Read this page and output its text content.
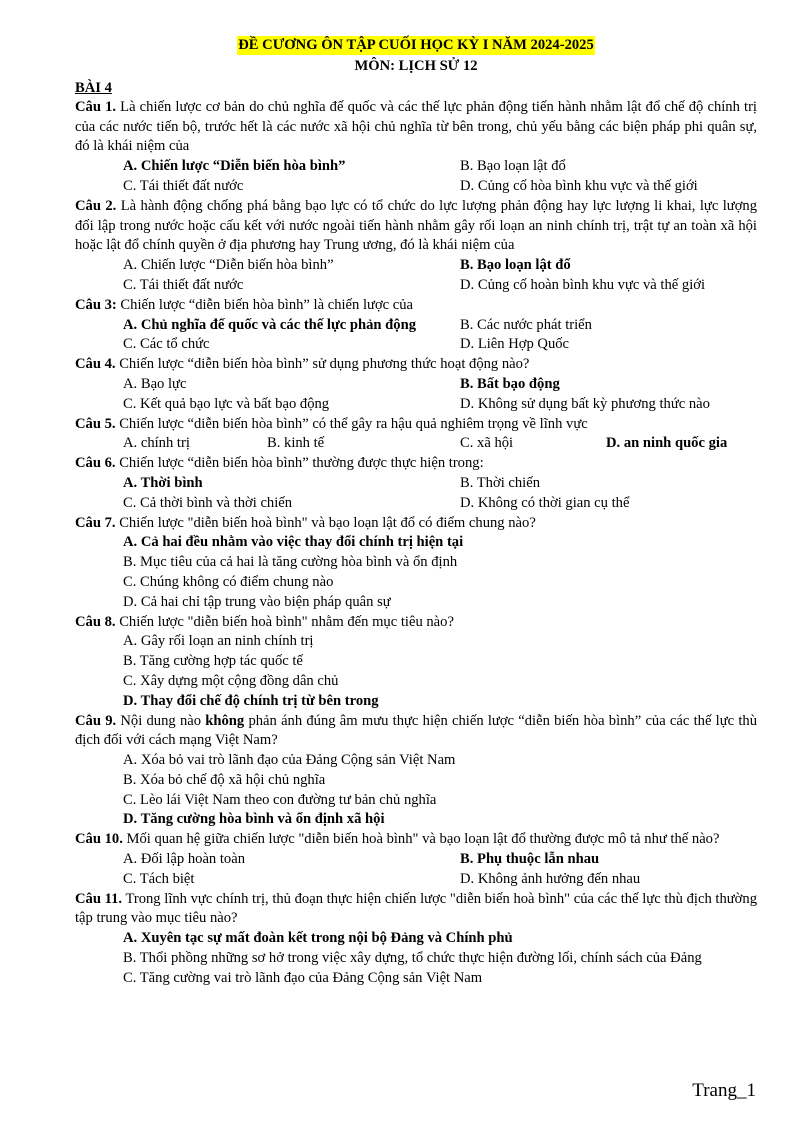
ĐỀ CƯƠNG ÔN TẬP CUỐI HỌC KỲ I NĂM 2024-2025
MÔN: LỊCH SỬ 12
BÀI 4
Câu 1. Là chiến lược cơ bản do chủ nghĩa đế quốc và các thế lực phản động tiến hành nhằm lật đổ chế độ chính trị của các nước tiến bộ, trước hết là các nước xã hội chủ nghĩa từ bên trong, chủ yếu bằng các biện pháp phi quân sự, đó là khái niệm của
A. Chiến lược “Diễn biến hòa bình”	B. Bạo loạn lật đổ
C. Tái thiết đất nước	D. Củng cố hòa bình khu vực và thế giới
Câu 2. Là hành động chống phá bằng bạo lực có tổ chức do lực lượng phản động hay lực lượng li khai, lực lượng đối lập trong nước hoặc cấu kết với nước ngoài tiến hành nhằm gây rối loạn an ninh chính trị, trật tự an toàn xã hội hoặc lật đổ chính quyền ở địa phương hay Trung ương, đó là khái niệm của
A. Chiến lược “Diễn biến hòa bình”	B. Bạo loạn lật đổ
C. Tái thiết đất nước	D. Củng cố hoàn bình khu vực và thế giới
Câu 3: Chiến lược “diễn biến hòa bình” là chiến lược của
A. Chủ nghĩa đế quốc và các thế lực phản động	B. Các nước phát triển
C. Các tổ chức	D. Liên Hợp Quốc
Câu 4. Chiến lược “diễn biến hòa bình” sử dụng phương thức hoạt động nào?
A. Bạo lực	B. Bất bạo động
C. Kết quả bạo lực và bất bạo động	D. Không sử dụng bất kỳ phương thức nào
Câu 5. Chiến lược “diễn biến hòa bình” có thể gây ra hậu quả nghiêm trọng về lĩnh vực
A. chính trị	B. kinh tế	C. xã hội	D. an ninh quốc gia
Câu 6. Chiến lược “diễn biến hòa bình” thường được thực hiện trong:
A. Thời bình	B. Thời chiến
C. Cả thời bình và thời chiến	D. Không có thời gian cụ thể
Câu 7. Chiến lược "diễn biến hoà bình" và bạo loạn lật đổ có điểm chung nào?
A. Cả hai đều nhằm vào việc thay đổi chính trị hiện tại
B. Mục tiêu của cả hai là tăng cường hòa bình và ổn định
C. Chúng không có điểm chung nào
D. Cả hai chỉ tập trung vào biện pháp quân sự
Câu 8. Chiến lược "diễn biến hoà bình" nhằm đến mục tiêu nào?
A. Gây rối loạn an ninh chính trị
B. Tăng cường hợp tác quốc tế
C. Xây dựng một cộng đồng dân chủ
D. Thay đổi chế độ chính trị từ bên trong
Câu 9. Nội dung nào không phản ánh đúng âm mưu thực hiện chiến lược “diễn biến hòa bình” của các thế lực thù địch đối với cách mạng Việt Nam?
A. Xóa bỏ vai trò lãnh đạo của Đảng Cộng sản Việt Nam
B. Xóa bỏ chế độ xã hội chủ nghĩa
C. Lèo lái Việt Nam theo con đường tư bản chủ nghĩa
D. Tăng cường hòa bình và ổn định xã hội
Câu 10. Mối quan hệ giữa chiến lược "diễn biến hoà bình" và bạo loạn lật đổ thường được mô tả như thế nào?
A. Đối lập hoàn toàn	B. Phụ thuộc lẫn nhau
C. Tách biệt	D. Không ảnh hưởng đến nhau
Câu 11. Trong lĩnh vực chính trị, thủ đoạn thực hiện chiến lược "diễn biến hoà bình" của các thế lực thù địch thường tập trung vào mục tiêu nào?
A. Xuyên tạc sự mất đoàn kết trong nội bộ Đảng và Chính phủ
B. Thổi phồng những sơ hở trong việc xây dựng, tổ chức thực hiện đường lối, chính sách của Đảng
C. Tăng cường vai trò lãnh đạo của Đảng Cộng sản Việt Nam
Trang_1
